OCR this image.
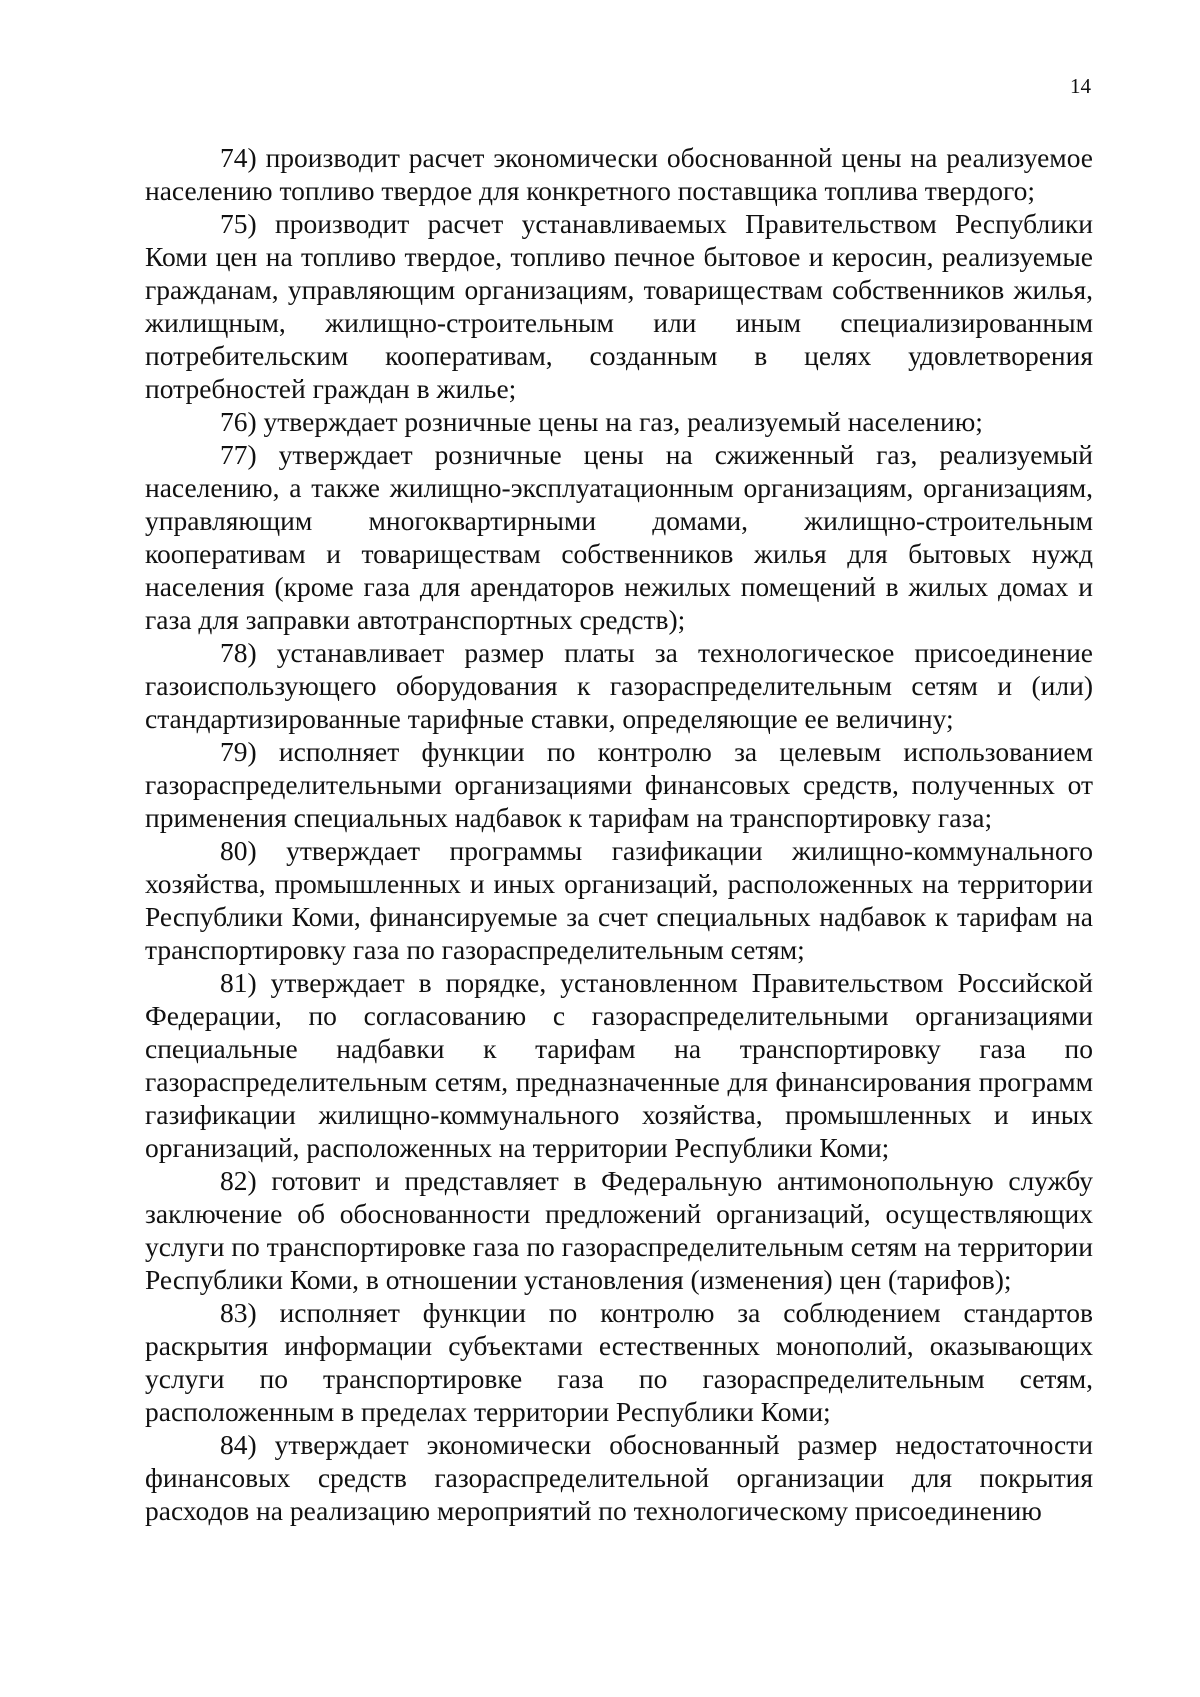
14

74) производит расчет экономически обоснованной цены на реализуемое населению топливо твердое для конкретного поставщика топлива твердого;

75) производит расчет устанавливаемых Правительством Республики Коми цен на топливо твердое, топливо печное бытовое и керосин, реализуемые гражданам, управляющим организациям, товариществам собственников жилья, жилищным, жилищно-строительным или иным специализированным потребительским кооперативам, созданным в целях удовлетворения потребностей граждан в жилье;

76) утверждает розничные цены на газ, реализуемый населению;

77) утверждает розничные цены на сжиженный газ, реализуемый населению, а также жилищно-эксплуатационным организациям, организациям, управляющим многоквартирными домами, жилищно-строительным кооперативам и товариществам собственников жилья для бытовых нужд населения (кроме газа для арендаторов нежилых помещений в жилых домах и газа для заправки автотранспортных средств);

78) устанавливает размер платы за технологическое присоединение газоиспользующего оборудования к газораспределительным сетям и (или) стандартизированные тарифные ставки, определяющие ее величину;

79) исполняет функции по контролю за целевым использованием газораспределительными организациями финансовых средств, полученных от применения специальных надбавок к тарифам на транспортировку газа;

80) утверждает программы газификации жилищно-коммунального хозяйства, промышленных и иных организаций, расположенных на территории Республики Коми, финансируемые за счет специальных надбавок к тарифам на транспортировку газа по газораспределительным сетям;

81) утверждает в порядке, установленном Правительством Российской Федерации, по согласованию с газораспределительными организациями специальные надбавки к тарифам на транспортировку газа по газораспределительным сетям, предназначенные для финансирования программ газификации жилищно-коммунального хозяйства, промышленных и иных организаций, расположенных на территории Республики Коми;

82) готовит и представляет в Федеральную антимонопольную службу заключение об обоснованности предложений организаций, осуществляющих услуги по транспортировке газа по газораспределительным сетям на территории Республики Коми, в отношении установления (изменения) цен (тарифов);

83) исполняет функции по контролю за соблюдением стандартов раскрытия информации субъектами естественных монополий, оказывающих услуги по транспортировке газа по газораспределительным сетям, расположенным в пределах территории Республики Коми;

84) утверждает экономически обоснованный размер недостаточности финансовых средств газораспределительной организации для покрытия расходов на реализацию мероприятий по технологическому присоединению
